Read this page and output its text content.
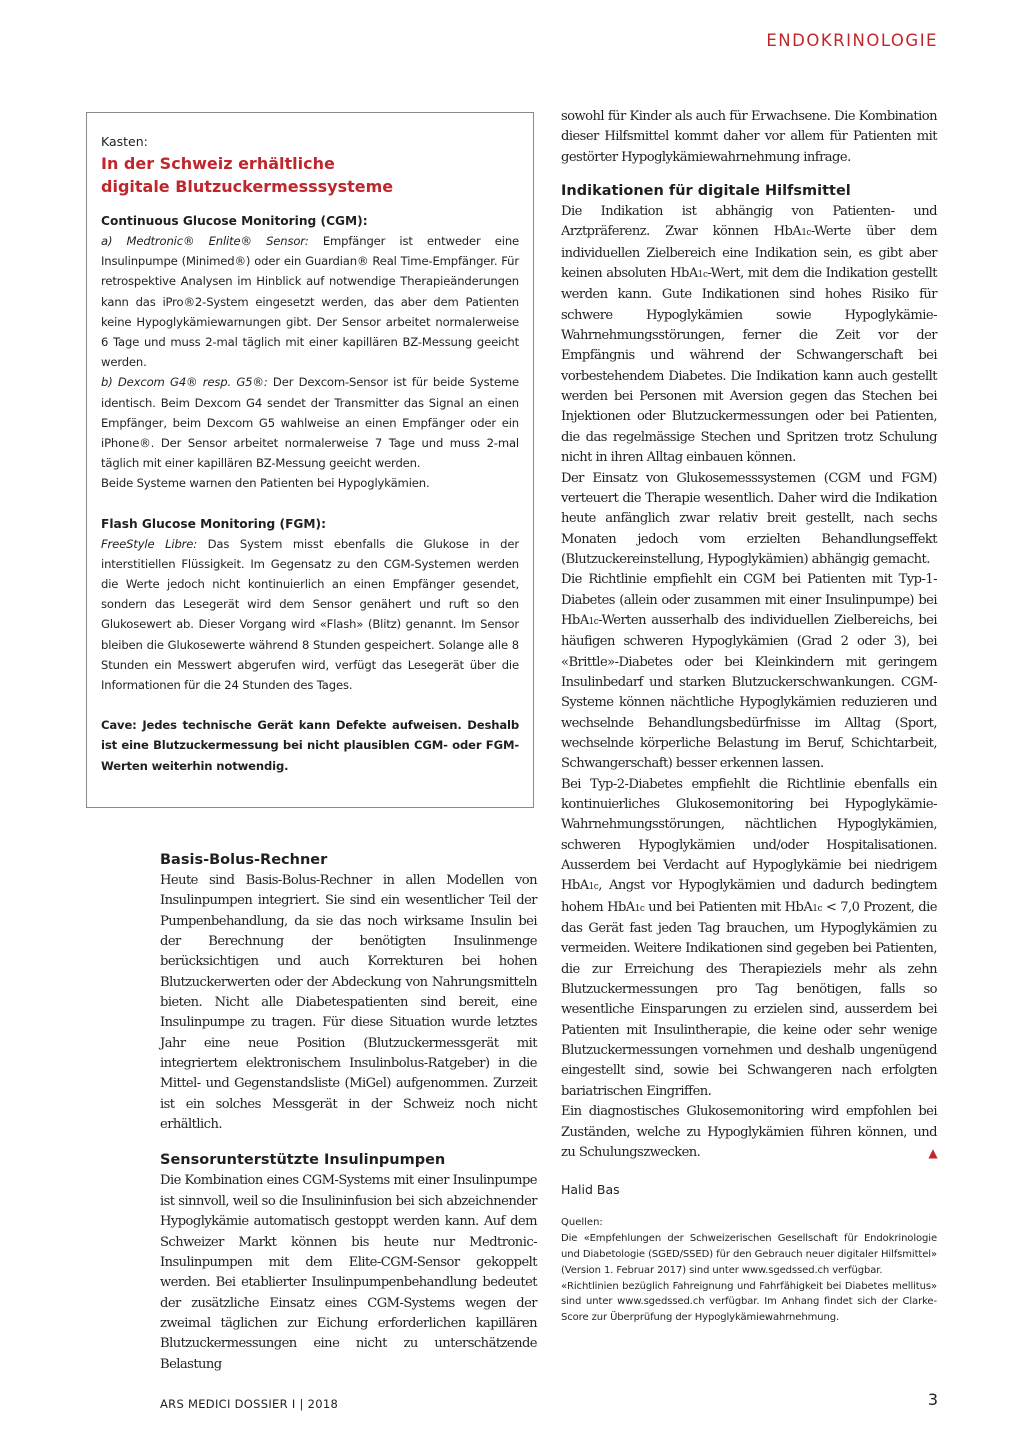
ENDOKRINOLOGIE

Kasten:

In der Schweiz erhältliche
digitale Blutzuckermesssysteme

Continuous Glucose Monitoring (CGM):

a) Medtronic® Enlite® Sensor: Empfänger ist entweder eine Insulinpumpe (Minimed®) oder ein Guardian® Real Time-Empfänger. Für retrospektive Analysen im Hinblick auf notwendige Therapieänderungen kann das iPro®2-System eingesetzt werden, das aber dem Patienten keine Hypoglykämiewarnungen gibt. Der Sensor arbeitet normalerweise 6 Tage und muss 2-mal täglich mit einer kapillären BZ-Messung geeicht werden.

b) Dexcom G4® resp. G5®: Der Dexcom-Sensor ist für beide Systeme identisch. Beim Dexcom G4 sendet der Transmitter das Signal an einen Empfänger, beim Dexcom G5 wahlweise an einen Empfänger oder ein iPhone®. Der Sensor arbeitet normalerweise 7 Tage und muss 2-mal täglich mit einer kapillären BZ-Messung geeicht werden.

Beide Systeme warnen den Patienten bei Hypoglykämien.

Flash Glucose Monitoring (FGM):

FreeStyle Libre: Das System misst ebenfalls die Glukose in der interstitiellen Flüssigkeit. Im Gegensatz zu den CGM-Systemen werden die Werte jedoch nicht kontinuierlich an einen Empfänger gesendet, sondern das Lesegerät wird dem Sensor genähert und ruft so den Glukosewert ab. Dieser Vorgang wird «Flash» (Blitz) genannt. Im Sensor bleiben die Glukosewerte während 8 Stunden gespeichert. Solange alle 8 Stunden ein Messwert abgerufen wird, verfügt das Lesegerät über die Informationen für die 24 Stunden des Tages.

Cave: Jedes technische Gerät kann Defekte aufweisen. Deshalb ist eine Blutzuckermessung bei nicht plausiblen CGM- oder FGM-Werten weiterhin notwendig.

Basis-Bolus-Rechner

Heute sind Basis-Bolus-Rechner in allen Modellen von Insulinpumpen integriert. Sie sind ein wesentlicher Teil der Pumpenbehandlung, da sie das noch wirksame Insulin bei der Berechnung der benötigten Insulinmenge berücksichtigen und auch Korrekturen bei hohen Blutzuckerwerten oder der Abdeckung von Nahrungsmitteln bieten. Nicht alle Diabetespatienten sind bereit, eine Insulinpumpe zu tragen. Für diese Situation wurde letztes Jahr eine neue Position (Blutzuckermessgerät mit integriertem elektronischem Insulinbolus-Ratgeber) in die Mittel- und Gegenstandsliste (MiGel) aufgenommen. Zurzeit ist ein solches Messgerät in der Schweiz noch nicht erhältlich.

Sensorunterstützte Insulinpumpen

Die Kombination eines CGM-Systems mit einer Insulinpumpe ist sinnvoll, weil so die Insulininfusion bei sich abzeichnender Hypoglykämie automatisch gestoppt werden kann. Auf dem Schweizer Markt können bis heute nur Medtronic-Insulinpumpen mit dem Elite-CGM-Sensor gekoppelt werden. Bei etablierter Insulinpumpenbehandlung bedeutet der zusätzliche Einsatz eines CGM-Systems wegen der zweimal täglichen zur Eichung erforderlichen kapillären Blutzuckermessungen eine nicht zu unterschätzende Belastung

sowohl für Kinder als auch für Erwachsene. Die Kombination dieser Hilfsmittel kommt daher vor allem für Patienten mit gestörter Hypoglykämiewahrnehmung infrage.

Indikationen für digitale Hilfsmittel

Die Indikation ist abhängig von Patienten- und Arztpräferenz. Zwar können HbA1c-Werte über dem individuellen Zielbereich eine Indikation sein, es gibt aber keinen absoluten HbA1c-Wert, mit dem die Indikation gestellt werden kann. Gute Indikationen sind hohes Risiko für schwere Hypoglykämien sowie Hypoglykämie-Wahrnehmungsstörungen, ferner die Zeit vor der Empfängnis und während der Schwangerschaft bei vorbestehendem Diabetes. Die Indikation kann auch gestellt werden bei Personen mit Aversion gegen das Stechen bei Injektionen oder Blutzuckermessungen oder bei Patienten, die das regelmässige Stechen und Spritzen trotz Schulung nicht in ihren Alltag einbauen können.

Der Einsatz von Glukosemesssystemen (CGM und FGM) verteuert die Therapie wesentlich. Daher wird die Indikation heute anfänglich zwar relativ breit gestellt, nach sechs Monaten jedoch vom erzielten Behandlungseffekt (Blutzuckereinstellung, Hypoglykämien) abhängig gemacht.

Die Richtlinie empfiehlt ein CGM bei Patienten mit Typ-1-Diabetes (allein oder zusammen mit einer Insulinpumpe) bei HbA1c-Werten ausserhalb des individuellen Zielbereichs, bei häufigen schweren Hypoglykämien (Grad 2 oder 3), bei «Brittle»-Diabetes oder bei Kleinkindern mit geringem Insulinbedarf und starken Blutzuckerschwankungen. CGM-Systeme können nächtliche Hypoglykämien reduzieren und wechselnde Behandlungsbedürfnisse im Alltag (Sport, wechselnde körperliche Belastung im Beruf, Schichtarbeit, Schwangerschaft) besser erkennen lassen.

Bei Typ-2-Diabetes empfiehlt die Richtlinie ebenfalls ein kontinuierliches Glukosemonitoring bei Hypoglykämie-Wahrnehmungsstörungen, nächtlichen Hypoglykämien, schweren Hypoglykämien und/oder Hospitalisationen. Ausserdem bei Verdacht auf Hypoglykämie bei niedrigem HbA1c, Angst vor Hypoglykämien und dadurch bedingtem hohem HbA1c und bei Patienten mit HbA1c < 7,0 Prozent, die das Gerät fast jeden Tag brauchen, um Hypoglykämien zu vermeiden. Weitere Indikationen sind gegeben bei Patienten, die zur Erreichung des Therapieziels mehr als zehn Blutzuckermessungen pro Tag benötigen, falls so wesentliche Einsparungen zu erzielen sind, ausserdem bei Patienten mit Insulintherapie, die keine oder sehr wenige Blutzuckermessungen vornehmen und deshalb ungenügend eingestellt sind, sowie bei Schwangeren nach erfolgten bariatrischen Eingriffen.

Ein diagnostisches Glukosemonitoring wird empfohlen bei Zuständen, welche zu Hypoglykämien führen können, und zu Schulungszwecken.	▲

Halid Bas

Quellen:

Die «Empfehlungen der Schweizerischen Gesellschaft für Endokrinologie und Diabetologie (SGED/SSED) für den Gebrauch neuer digitaler Hilfsmittel» (Version 1. Februar 2017) sind unter www.sgedssed.ch verfügbar.

«Richtlinien bezüglich Fahreignung und Fahrfähigkeit bei Diabetes mellitus» sind unter www.sgedssed.ch verfügbar. Im Anhang findet sich der Clarke-Score zur Überprüfung der Hypoglykämiewahrnehmung.

ARS MEDICI DOSSIER I | 2018	3
